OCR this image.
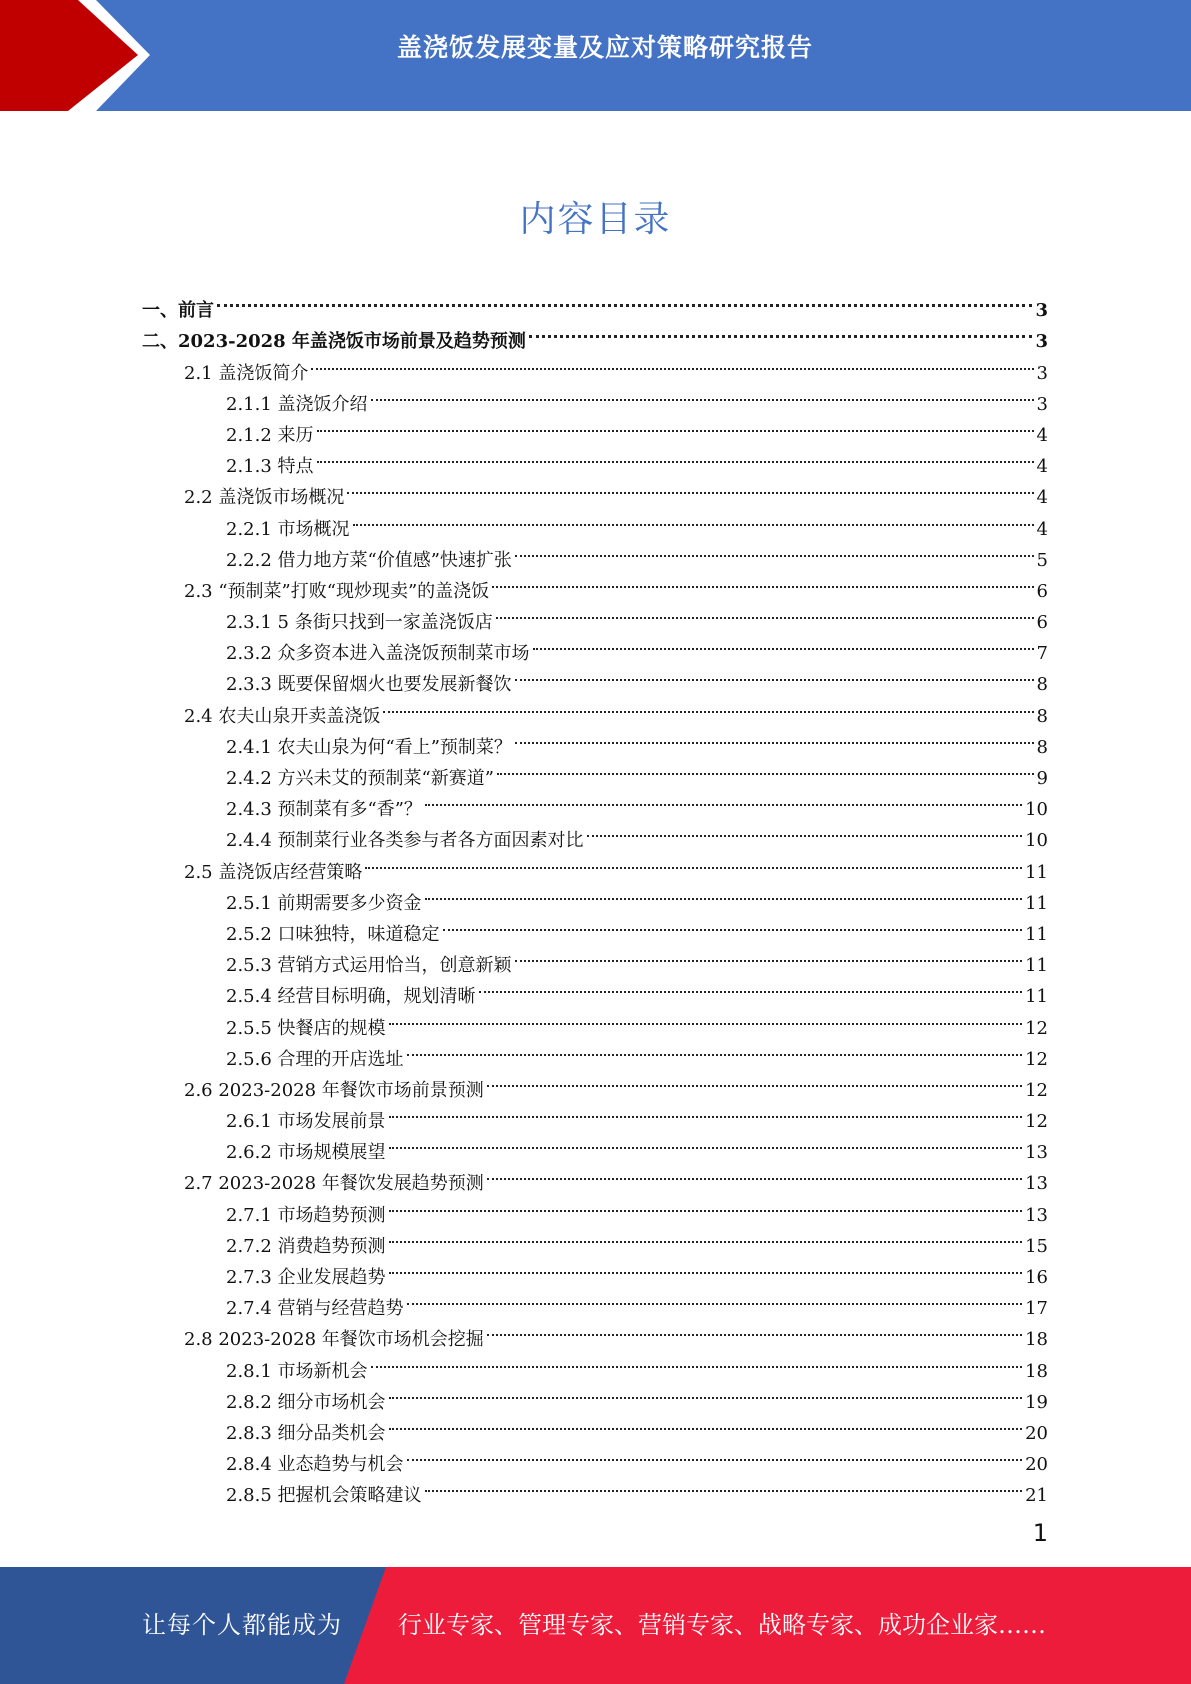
盖浇饭发展变量及应对策略研究报告
内容目录
一、前言	3
二、2023-2028 年盖浇饭市场前景及趋势预测	3
2.1 盖浇饭简介	3
2.1.1 盖浇饭介绍	3
2.1.2 来历	4
2.1.3 特点	4
2.2 盖浇饭市场概况	4
2.2.1 市场概况	4
2.2.2 借力地方菜“价值感”快速扩张	5
2.3 “预制菜”打败“现炒现卖”的盖浇饭	6
2.3.1 5 条街只找到一家盖浇饭店	6
2.3.2 众多资本进入盖浇饭预制菜市场	7
2.3.3 既要保留烟火也要发展新餐饮	8
2.4 农夫山泉开卖盖浇饭	8
2.4.1 农夫山泉为何“看上”预制菜？	8
2.4.2 方兴未艾的预制菜“新赛道”	9
2.4.3 预制菜有多“香”？	10
2.4.4 预制菜行业各类参与者各方面因素对比	10
2.5 盖浇饭店经营策略	11
2.5.1 前期需要多少资金	11
2.5.2 口味独特，味道稳定	11
2.5.3 营销方式运用恰当，创意新颖	11
2.5.4 经营目标明确，规划清晰	11
2.5.5 快餐店的规模	12
2.5.6 合理的开店选址	12
2.6 2023-2028 年餐饮市场前景预测	12
2.6.1 市场发展前景	12
2.6.2 市场规模展望	13
2.7 2023-2028 年餐饮发展趋势预测	13
2.7.1 市场趋势预测	13
2.7.2 消费趋势预测	15
2.7.3 企业发展趋势	16
2.7.4 营销与经营趋势	17
2.8 2023-2028 年餐饮市场机会挖掘	18
2.8.1 市场新机会	18
2.8.2 细分市场机会	19
2.8.3 细分品类机会	20
2.8.4 业态趋势与机会	20
2.8.5 把握机会策略建议	21
1
让每个人都能成为 行业专家、管理专家、营销专家、战略专家、成功企业家……
